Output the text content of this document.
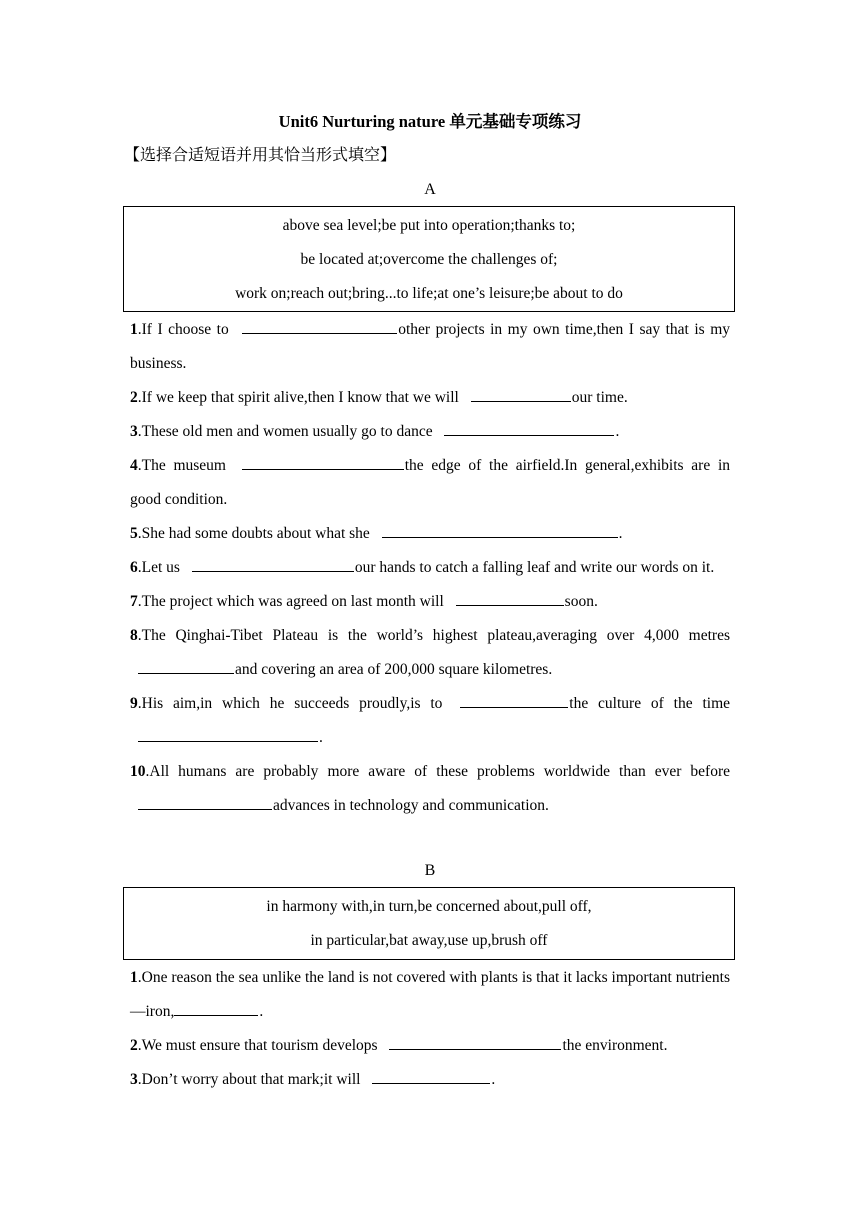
Unit6 Nurturing nature 单元基础专项练习
【选择合适短语并用其恰当形式填空】
A
above sea level;be put into operation;thanks to;
be located at;overcome the challenges of;
work on;reach out;bring...to life;at one’s leisure;be about to do

1.If I choose to	other projects in my own time,then I say that is my business.

2.If we keep that spirit alive,then I know that we will	our time.

3.These old men and women usually go to dance	.

4.The museum	the edge of the airfield.In general,exhibits are in good condition.

5.She had some doubts about what she	.

6.Let us	our hands to catch a falling leaf and write our words on it.

7.The project which was agreed on last month will	soon.

8.The Qinghai-Tibet Plateau is the world’s highest plateau,averaging over 4,000 metres and covering an area of 200,000 square kilometres.

9.His aim,in which he succeeds proudly,is to	the culture of the time .

10.All humans are probably more aware of these problems worldwide than ever before advances in technology and communication.

B
in harmony with,in turn,be concerned about,pull off,
in particular,bat away,use up,brush off

1.One reason the sea unlike the land is not covered with plants is that it lacks important nutrients—iron,	.

2.We must ensure that tourism develops	the environment.

3.Don’t worry about that mark;it will	.
